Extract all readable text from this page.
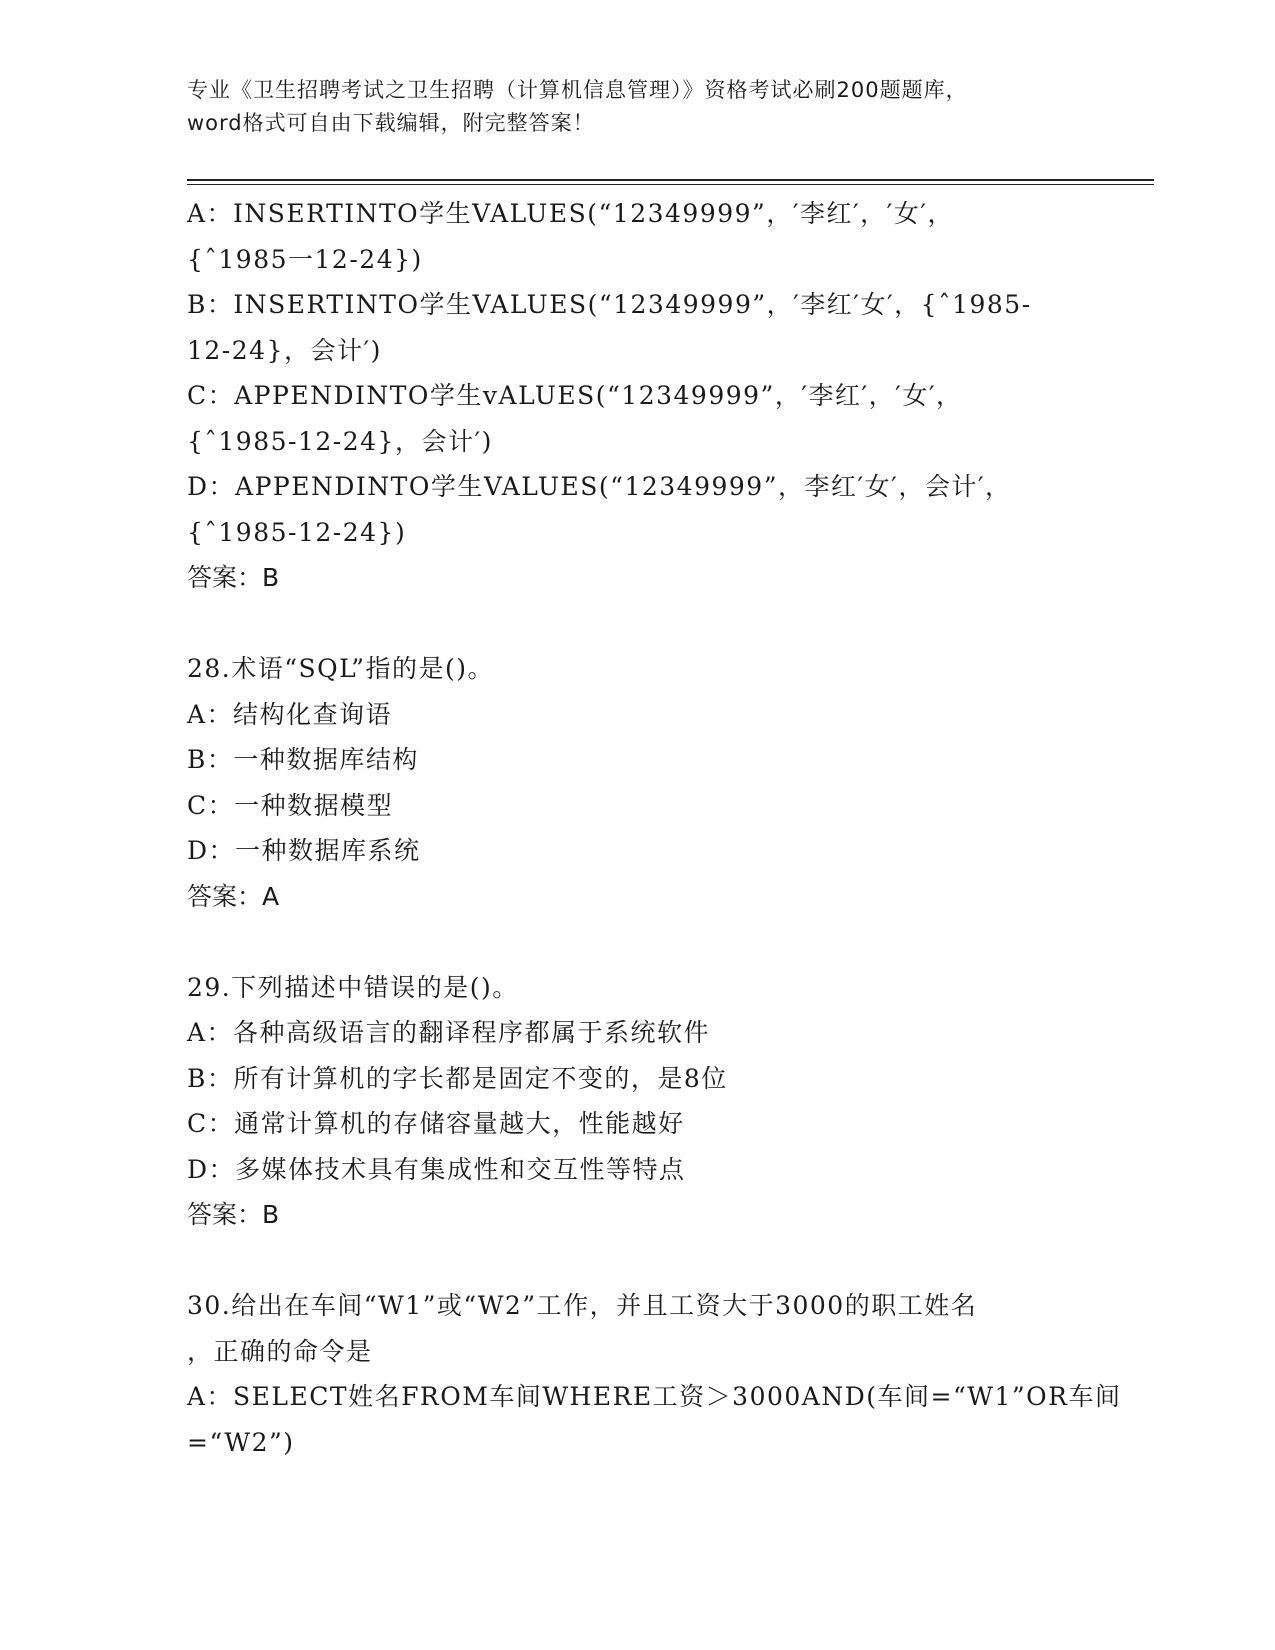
专业《卫生招聘考试之卫生招聘（计算机信息管理）》资格考试必刷200题题库，
word格式可自由下载编辑，附完整答案！
A：INSERTINTO学生VALUES(“12349999”，′李红′，′女′，
{ˆ1985一12-24})
B：INSERTINTO学生VALUES(“12349999”，′李红′女′，{ˆ1985-
12-24}，会计′)
C：APPENDINTO学生vALUES(“12349999”，′李红′，′女′，
{ˆ1985-12-24}，会计′)
D：APPENDINTO学生VALUES(“12349999”，李红′女′，会计′，
{ˆ1985-12-24})
答案：B
28.术语“SQL”指的是()。
A：结构化查询语
B：一种数据库结构
C：一种数据模型
D：一种数据库系统
答案：A
29.下列描述中错误的是()。
A：各种高级语言的翻译程序都属于系统软件
B：所有计算机的字长都是固定不变的，是8位
C：通常计算机的存储容量越大，性能越好
D：多媒体技术具有集成性和交互性等特点
答案：B
30.给出在车间“W1”或“W2”工作，并且工资大于3000的职工姓名
，正确的命令是
A：SELECT姓名FROM车间WHERE工资＞3000AND(车间=“W1”OR车间
=“W2”)
